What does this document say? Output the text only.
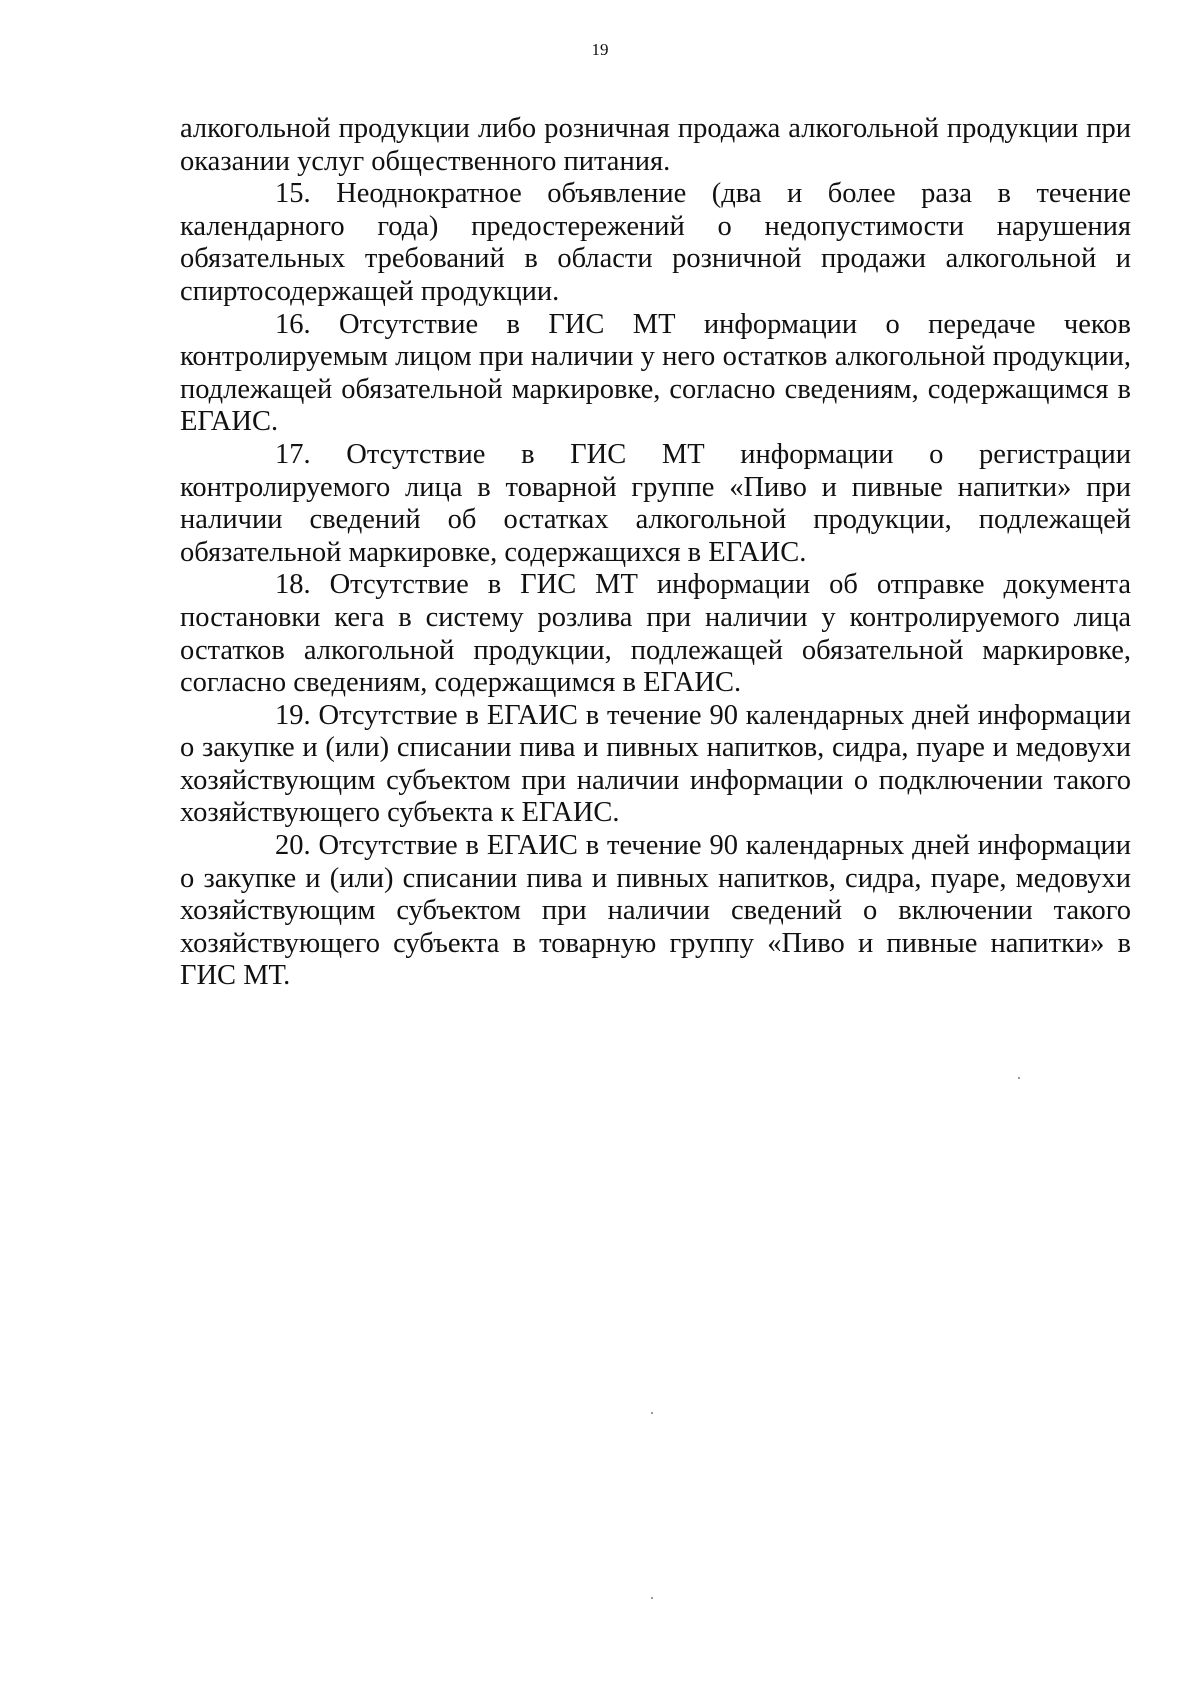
19

алкогольной продукции либо розничная продажа алкогольной продукции при оказании услуг общественного питания.

15. Неоднократное объявление (два и более раза в течение календарного года) предостережений о недопустимости нарушения обязательных требований в области розничной продажи алкогольной и спиртосодержащей продукции.

16. Отсутствие в ГИС МТ информации о передаче чеков контролируемым лицом при наличии у него остатков алкогольной продукции, подлежащей обязательной маркировке, согласно сведениям, содержащимся в ЕГАИС.

17. Отсутствие в ГИС МТ информации о регистрации контролируемого лица в товарной группе «Пиво и пивные напитки» при наличии сведений об остатках алкогольной продукции, подлежащей обязательной маркировке, содержащихся в ЕГАИС.

18. Отсутствие в ГИС МТ информации об отправке документа постановки кега в систему розлива при наличии у контролируемого лица остатков алкогольной продукции, подлежащей обязательной маркировке, согласно сведениям, содержащимся в ЕГАИС.

19. Отсутствие в ЕГАИС в течение 90 календарных дней информации о закупке и (или) списании пива и пивных напитков, сидра, пуаре и медовухи хозяйствующим субъектом при наличии информации о подключении такого хозяйствующего субъекта к ЕГАИС.

20. Отсутствие в ЕГАИС в течение 90 календарных дней информации о закупке и (или) списании пива и пивных напитков, сидра, пуаре, медовухи хозяйствующим субъектом при наличии сведений о включении такого хозяйствующего субъекта в товарную группу «Пиво и пивные напитки» в ГИС МТ.
